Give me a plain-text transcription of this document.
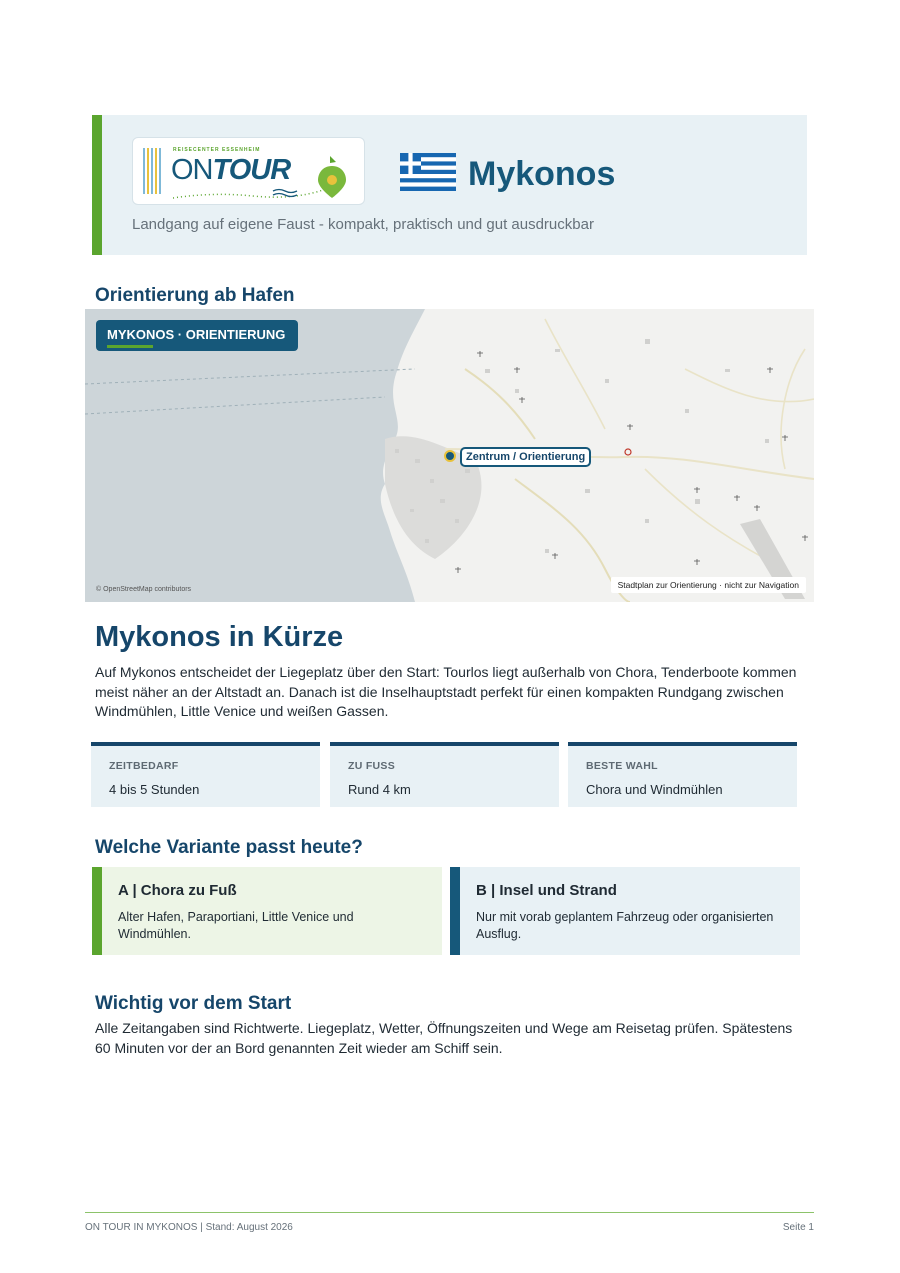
REISECENTER ESSENHEIM
ONTOUR	Mykonos
Landgang auf eigene Faust - kompakt, praktisch und gut ausdruckbar
Orientierung ab Hafen
MYKONOS · ORIENTIERUNG
Zentrum / Orientierung
© OpenStreetMap contributors	Stadtplan zur Orientierung · nicht zur Navigation
Mykonos in Kürze
Auf Mykonos entscheidet der Liegeplatz über den Start: Tourlos liegt außerhalb von Chora, Tenderboote kommen meist näher an der Altstadt an. Danach ist die Inselhauptstadt perfekt für einen kompakten Rundgang zwischen Windmühlen, Little Venice und weißen Gassen.
ZEITBEDARF
4 bis 5 Stunden
ZU FUSS
Rund 4 km
BESTE WAHL
Chora und Windmühlen
Welche Variante passt heute?
A | Chora zu Fuß
Alter Hafen, Paraportiani, Little Venice und Windmühlen.
B | Insel und Strand
Nur mit vorab geplantem Fahrzeug oder organisierten Ausflug.
Wichtig vor dem Start
Alle Zeitangaben sind Richtwerte. Liegeplatz, Wetter, Öffnungszeiten und Wege am Reisetag prüfen. Spätestens 60 Minuten vor der an Bord genannten Zeit wieder am Schiff sein.
ON TOUR IN MYKONOS | Stand: August 2026	Seite 1
